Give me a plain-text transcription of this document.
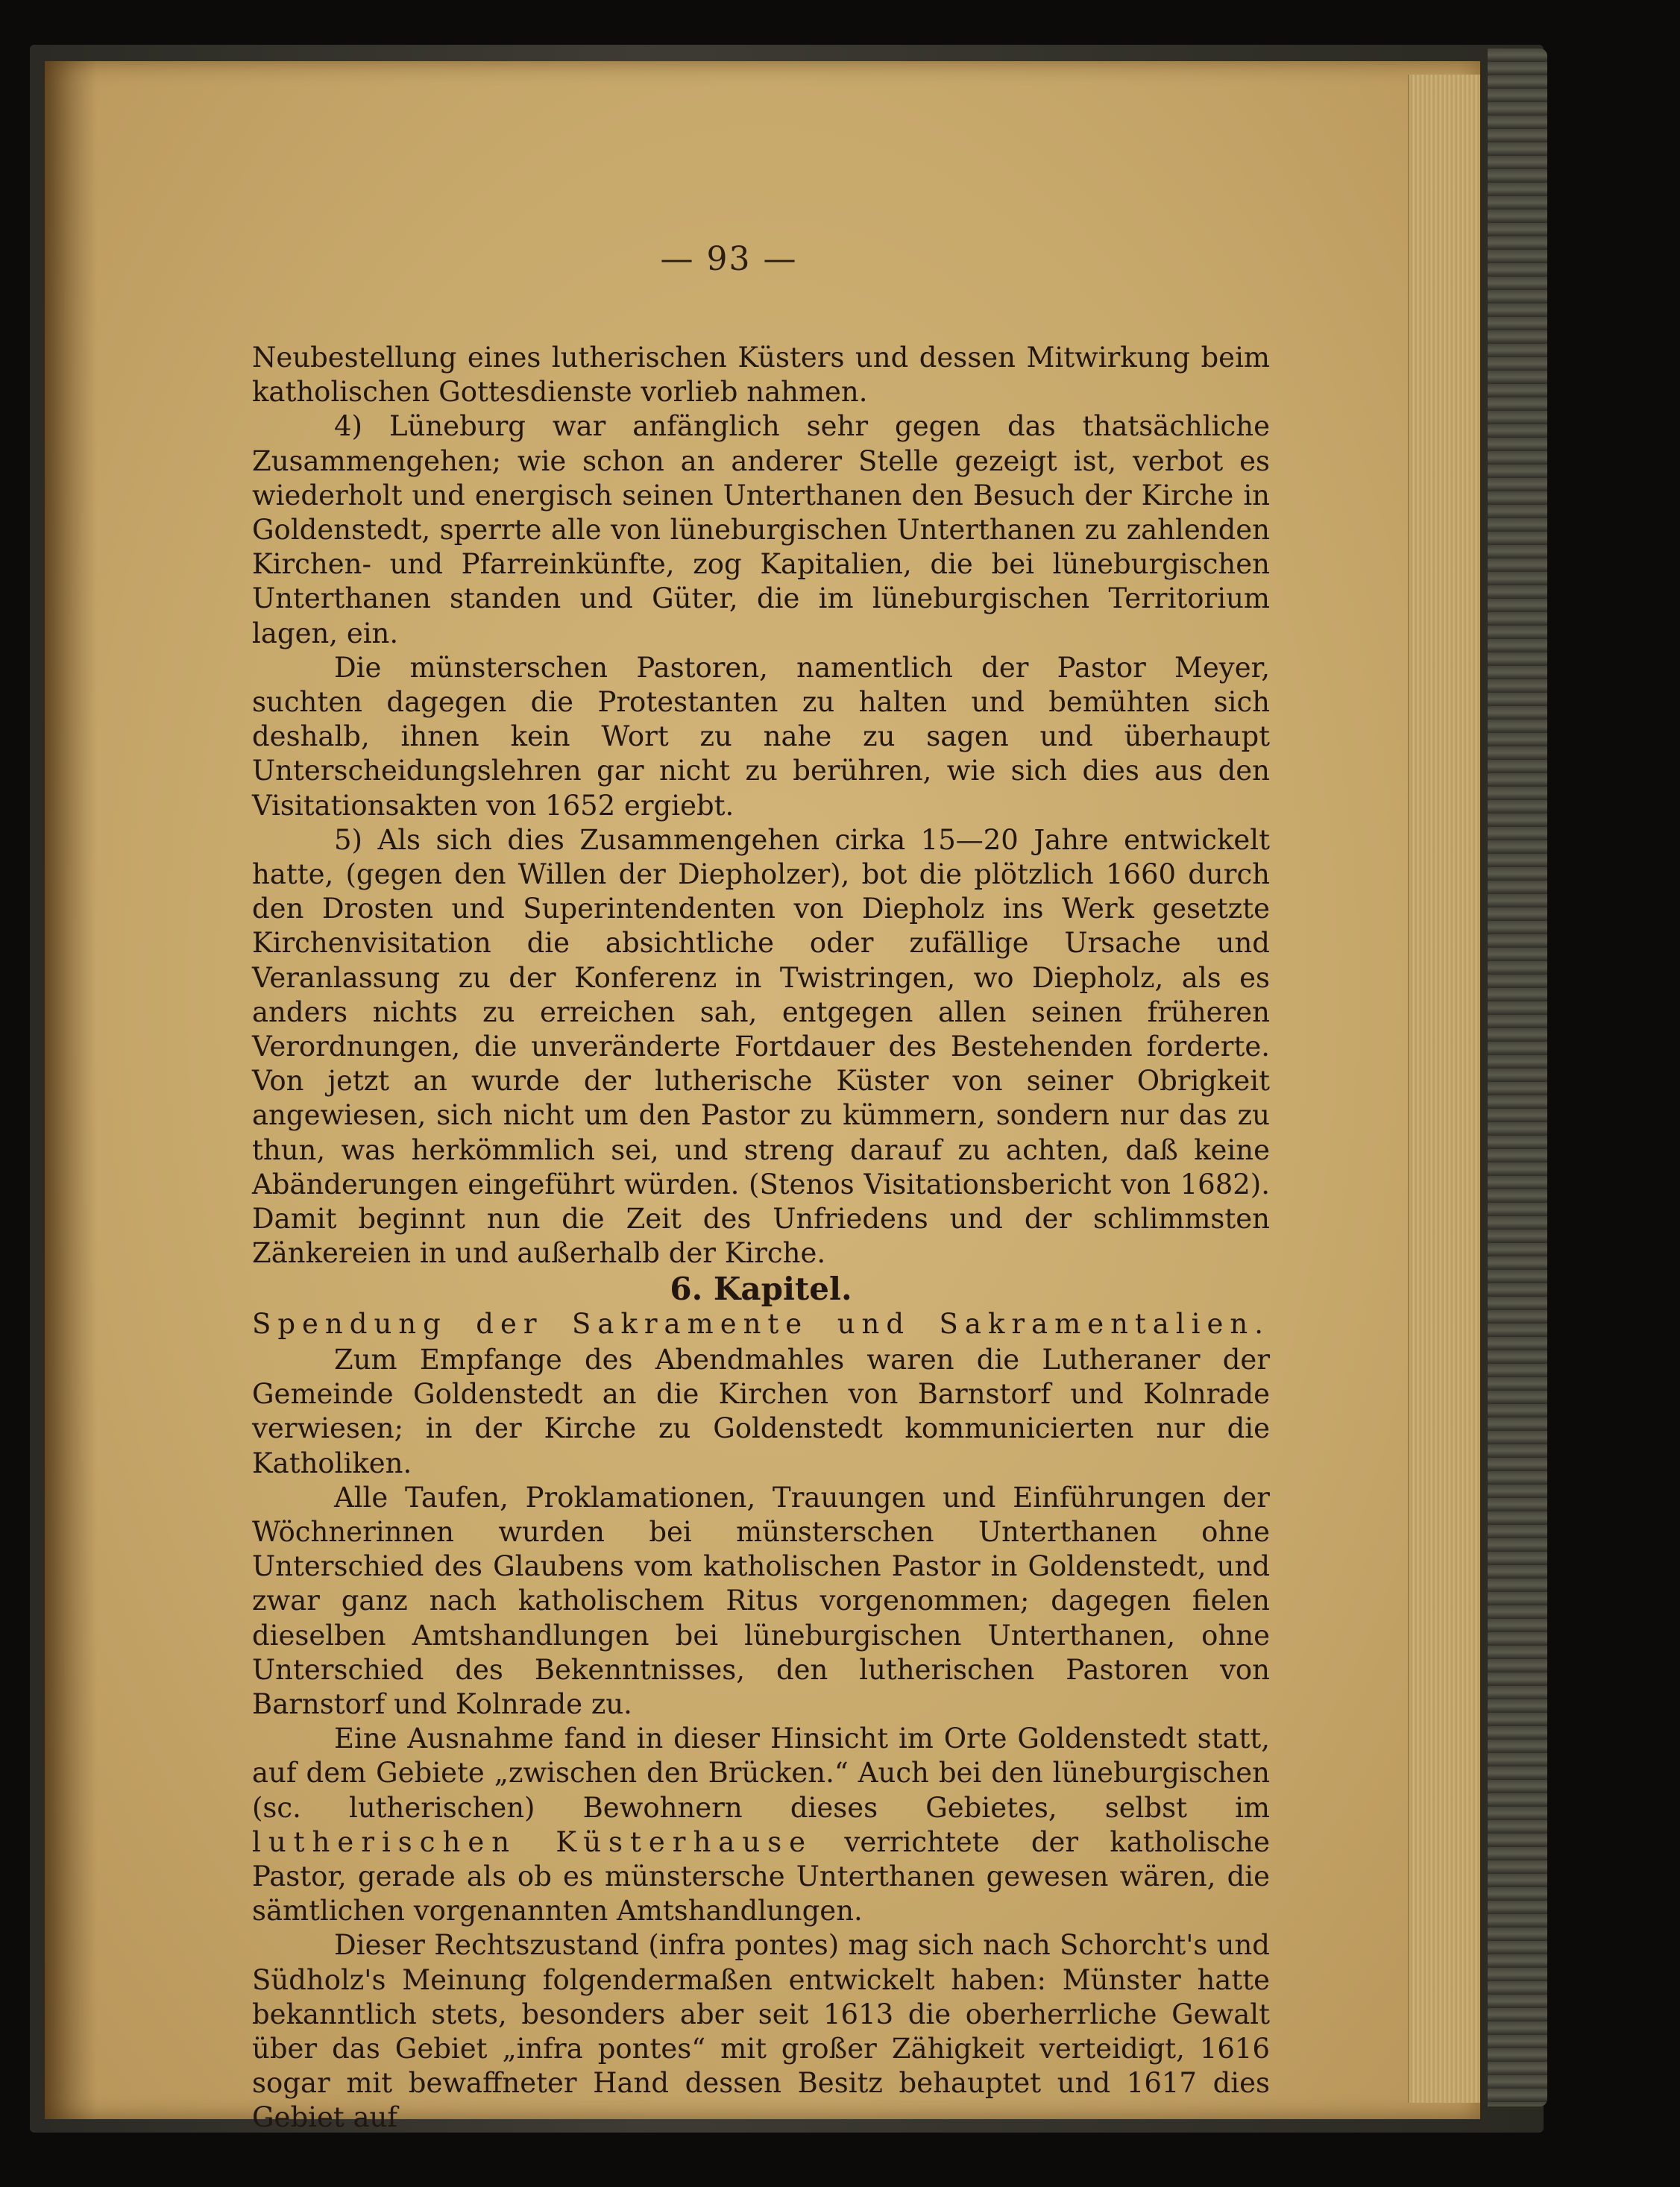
— 93 —

Neubestellung eines lutherischen Küsters und dessen Mitwirkung beim katholischen Gottesdienste vorlieb nahmen.

4) Lüneburg war anfänglich sehr gegen das thatsächliche Zusammengehen; wie schon an anderer Stelle gezeigt ist, verbot es wiederholt und energisch seinen Unterthanen den Besuch der Kirche in Goldenstedt, sperrte alle von lüneburgischen Unterthanen zu zahlenden Kirchen- und Pfarreinkünfte, zog Kapitalien, die bei lüneburgischen Unterthanen standen und Güter, die im lüneburgischen Territorium lagen, ein.

Die münsterschen Pastoren, namentlich der Pastor Meyer, suchten dagegen die Protestanten zu halten und bemühten sich deshalb, ihnen kein Wort zu nahe zu sagen und überhaupt Unterscheidungslehren gar nicht zu berühren, wie sich dies aus den Visitationsakten von 1652 ergiebt.

5) Als sich dies Zusammengehen cirka 15—20 Jahre entwickelt hatte, (gegen den Willen der Diepholzer), bot die plötzlich 1660 durch den Drosten und Superintendenten von Diepholz ins Werk gesetzte Kirchenvisitation die absichtliche oder zufällige Ursache und Veranlassung zu der Konferenz in Twistringen, wo Diepholz, als es anders nichts zu erreichen sah, entgegen allen seinen früheren Verordnungen, die unveränderte Fortdauer des Bestehenden forderte. Von jetzt an wurde der lutherische Küster von seiner Obrigkeit angewiesen, sich nicht um den Pastor zu kümmern, sondern nur das zu thun, was herkömmlich sei, und streng darauf zu achten, daß keine Abänderungen eingeführt würden. (Stenos Visitationsbericht von 1682). Damit beginnt nun die Zeit des Unfriedens und der schlimmsten Zänkereien in und außerhalb der Kirche.

6. Kapitel.
Spendung der Sakramente und Sakramentalien.

Zum Empfange des Abendmahles waren die Lutheraner der Gemeinde Goldenstedt an die Kirchen von Barnstorf und Kolnrade verwiesen; in der Kirche zu Goldenstedt kommunicierten nur die Katholiken.

Alle Taufen, Proklamationen, Trauungen und Einführungen der Wöchnerinnen wurden bei münsterschen Unterthanen ohne Unterschied des Glaubens vom katholischen Pastor in Goldenstedt, und zwar ganz nach katholischem Ritus vorgenommen; dagegen fielen dieselben Amtshandlungen bei lüneburgischen Unterthanen, ohne Unterschied des Bekenntnisses, den lutherischen Pastoren von Barnstorf und Kolnrade zu.

Eine Ausnahme fand in dieser Hinsicht im Orte Goldenstedt statt, auf dem Gebiete „zwischen den Brücken.“ Auch bei den lüneburgischen (sc. lutherischen) Bewohnern dieses Gebietes, selbst im lutherischen Küsterhause verrichtete der katholische Pastor, gerade als ob es münstersche Unterthanen gewesen wären, die sämtlichen vorgenannten Amtshandlungen.

Dieser Rechtszustand (infra pontes) mag sich nach Schorcht's und Südholz's Meinung folgendermaßen entwickelt haben: Münster hatte bekanntlich stets, besonders aber seit 1613 die oberherrliche Gewalt über das Gebiet „infra pontes“ mit großer Zähigkeit verteidigt, 1616 sogar mit bewaffneter Hand dessen Besitz behauptet und 1617 dies Gebiet auf
